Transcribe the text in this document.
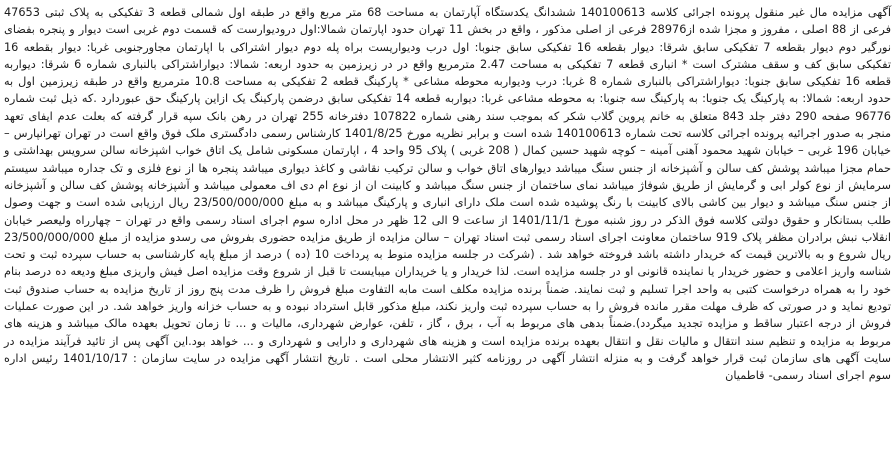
آگهی مزایده مال غیر منقول پرونده اجرائی کلاسه 140100613 ششدانگ یکدستگاه آپارتمان به مساحت 68 متر مربع واقع در طبقه اول شمالی قطعه 3 تفکیکی به پلاک ثبتی 47653 فرعی از 88 اصلی ، مفروز و مجزا شده از28976 فرعی از اصلی مذکور ، واقع در بخش 11 تهران حدود اپارتمان شمالا:اول درودیوارست که قسمت دوم غربی است دیوار و پنجره بفضای نورگیر دوم دیوار بقطعه 7 تفکیکی سابق شرقا: دیوار بقطعه 16 تفکیکی سابق جنوبا: اول درب ودیواریست براه پله دوم دیوار اشتراکی با اپارتمان مجاورجنوبی غربا: دیوار بقطعه 16 تفکیکی سابق کف و سقف مشترک است * انباری قطعه 7 تفکیکی به مساحت 2.47 مترمربع واقع در در زیرزمین به حدود اربعه: شمالا: دیواراشتراکی بالنباری شماره 6 شرقا: دیواربه قطعه 16 تفکیکی سابق جنوبا: دیواراشتراکی بالنباری شماره 8 غربا: درب ودیواربه محوطه مشاعی * پارکینگ قطعه 2 تفکیکی به مساحت 10.8 مترمربع واقع در طبقه زیرزمین اول به حدود اربعه: شمالا: به پارکینگ یک جنوبا: به پارکینگ سه جنوبا: به محوطه مشاعی غربا: دیواربه قطعه 14 تفکیکی سابق درضمن پارکینگ یک ازاین پارکینگ حق عبوردارد .که ذیل ثبت شماره 96776 صفحه 290 دفتر جلد 843 متعلق به خانم پروین گلاب شکر که بموجب سند رهنی شماره 107822 دفترخانه 255 تهران در رهن بانک سپه قرار گرفته که بعلت عدم ایفای تعهد منجر به صدور اجرائیه پرونده اجرائی کلاسه تحت شماره 140100613 شده است و برابر نظریه مورخ 1401/8/25 کارشناس رسمی دادگستری ملک فوق واقع است در تهران تهرانپارس – خیابان 196 غربی – خیابان شهید محمود آهنی آمینه – کوچه شهید حسین کمال ( 208 غربی ) پلاک 95 واحد 4 ، اپارتمان مسکونی شامل یک اتاق خواب اشپزخانه سالن سرویس بهداشتی و حمام مجزا میباشد پوشش کف سالن و آشپزخانه از جنس سنگ میباشد دیوارهای اتاق خواب و سالن ترکیب نقاشی و کاغذ دیواری میباشد پنجره ها از نوع فلزی و تک جداره میباشد سیستم سرمایش از نوع کولر ابی و گرمایش از طریق شوفاژ میباشد نمای ساختمان از جنس سنگ میباشد و کابینت ان از نوع ام دی اف معمولی میباشد و آشپزخانه پوشش کف سالن و آشپزخانه از جنس سنگ میباشد و دیوار بین کاشی بالای کابینت با رنگ پوشیده شده است ملک دارای انباری و پارکینگ میباشد و به مبلغ 23/500/000/000 ریال ارزیابی شده است و جهت وصول طلب بستانکار و حقوق دولتی کلاسه فوق الذکر در روز شنبه مورخ 1401/11/1 از ساعت 9 الی 12 ظهر در محل اداره سوم اجرای اسناد رسمی واقع در تهران – چهارراه ولیعصر خیابان انقلاب نبش برادران مظفر پلاک 919 ساختمان معاونت اجرای اسناد رسمی ثبت اسناد تهران – سالن مزایده از طریق مزایده حضوری بفروش می رسدو مزایده از مبلغ 23/500/000/000 ریال شروع و به بالاترین قیمت که خریدار داشته باشد فروخته خواهد شد . (شرکت در جلسه مزایده منوط به پرداخت 10 (ده ) درصد از مبلغ پایه کارشناسی به حساب سپرده ثبت و تحت شناسه واریز اعلامی و حضور خریدار یا نماینده قانونی او در جلسه مزایده است. لذا خریدار و یا خریداران میبایست تا قبل از شروع وقت مزایده اصل فیش واریزی مبلغ ودیعه ده درصد بنام خود را به همراه درخواست کتبی به واحد اجرا تسلیم و ثبت نمایند. ضمناً برنده مزایده مکلف است مابه التفاوت مبلغ فروش را ظرف مدت پنج روز از تاریخ مزایده به حساب صندوق ثبت تودیع نماید و در صورتی که ظرف مهلت مقرر مانده فروش را به حساب سپرده ثبت واریز نکند، مبلغ مذکور قابل استرداد نبوده و به حساب خزانه واریز خواهد شد. در این صورت عملیات فروش از درجه اعتبار ساقط و مزایده تجدید میگردد).ضمناً بدهی های مربوط به آب ، برق ، گاز ، تلفن، عوارض شهرداری، مالیات و ... تا زمان تحویل بعهده مالک میباشد و هزینه های مربوط به مزایده و تنظیم سند انتقال و مالیات نقل و انتقال بعهده برنده مزایده است و هزینه های شهرداری و دارایی و شهرداری و ... خواهد بود.این آگهی پس از تائید فرآیند مزایده در سایت آگهی های سازمان ثبت قرار خواهد گرفت و به منزله انتشار آگهی در روزنامه کثیر الانتشار محلی است . تاریخ انتشار آگهی مزایده در سایت سازمان : 1401/10/17 رئیس اداره سوم اجرای اسناد رسمی- قاطمیان
